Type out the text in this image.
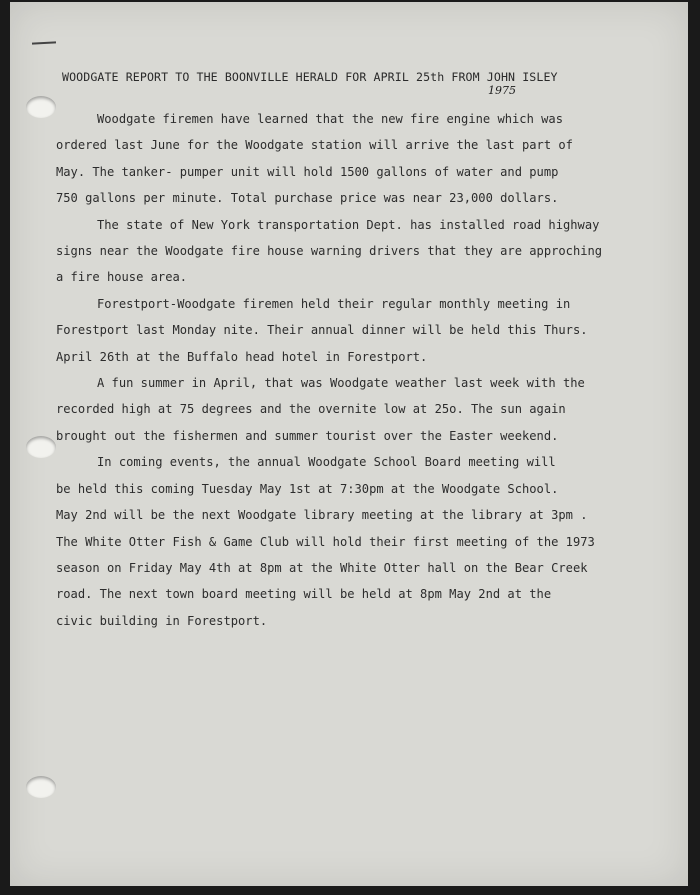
WOODGATE REPORT TO THE BOONVILLE HERALD FOR APRIL 25th FROM JOHN ISLEY
1975
Woodgate firemen have learned that the new fire engine which was
ordered last June for the Woodgate station will arrive the last part of
May. The tanker- pumper unit will hold 1500 gallons of water and pump
750 gallons per minute. Total purchase price was near 23,000 dollars.
The state of New York transportation Dept. has installed road highway
signs near the Woodgate fire house warning drivers that they are approching
a fire house area.
Forestport-Woodgate firemen held their regular monthly meeting in
Forestport last Monday nite. Their annual dinner will be held this Thurs.
April 26th at the Buffalo head hotel in Forestport.
A fun summer in April, that was Woodgate weather last week with the
recorded high at 75 degrees and the overnite low at 25o. The sun again
brought out the fishermen and summer tourist over the Easter weekend.
In coming events, the annual Woodgate School Board meeting will
be held this coming Tuesday May 1st at 7:30pm at the Woodgate School.
May 2nd will be the next Woodgate library meeting at the library at 3pm .
The White Otter Fish & Game Club will hold their first meeting of the 1973
season on Friday May 4th at 8pm at the White Otter hall on the Bear Creek
road. The next town board meeting will be held at 8pm May 2nd at the
civic building in Forestport.
